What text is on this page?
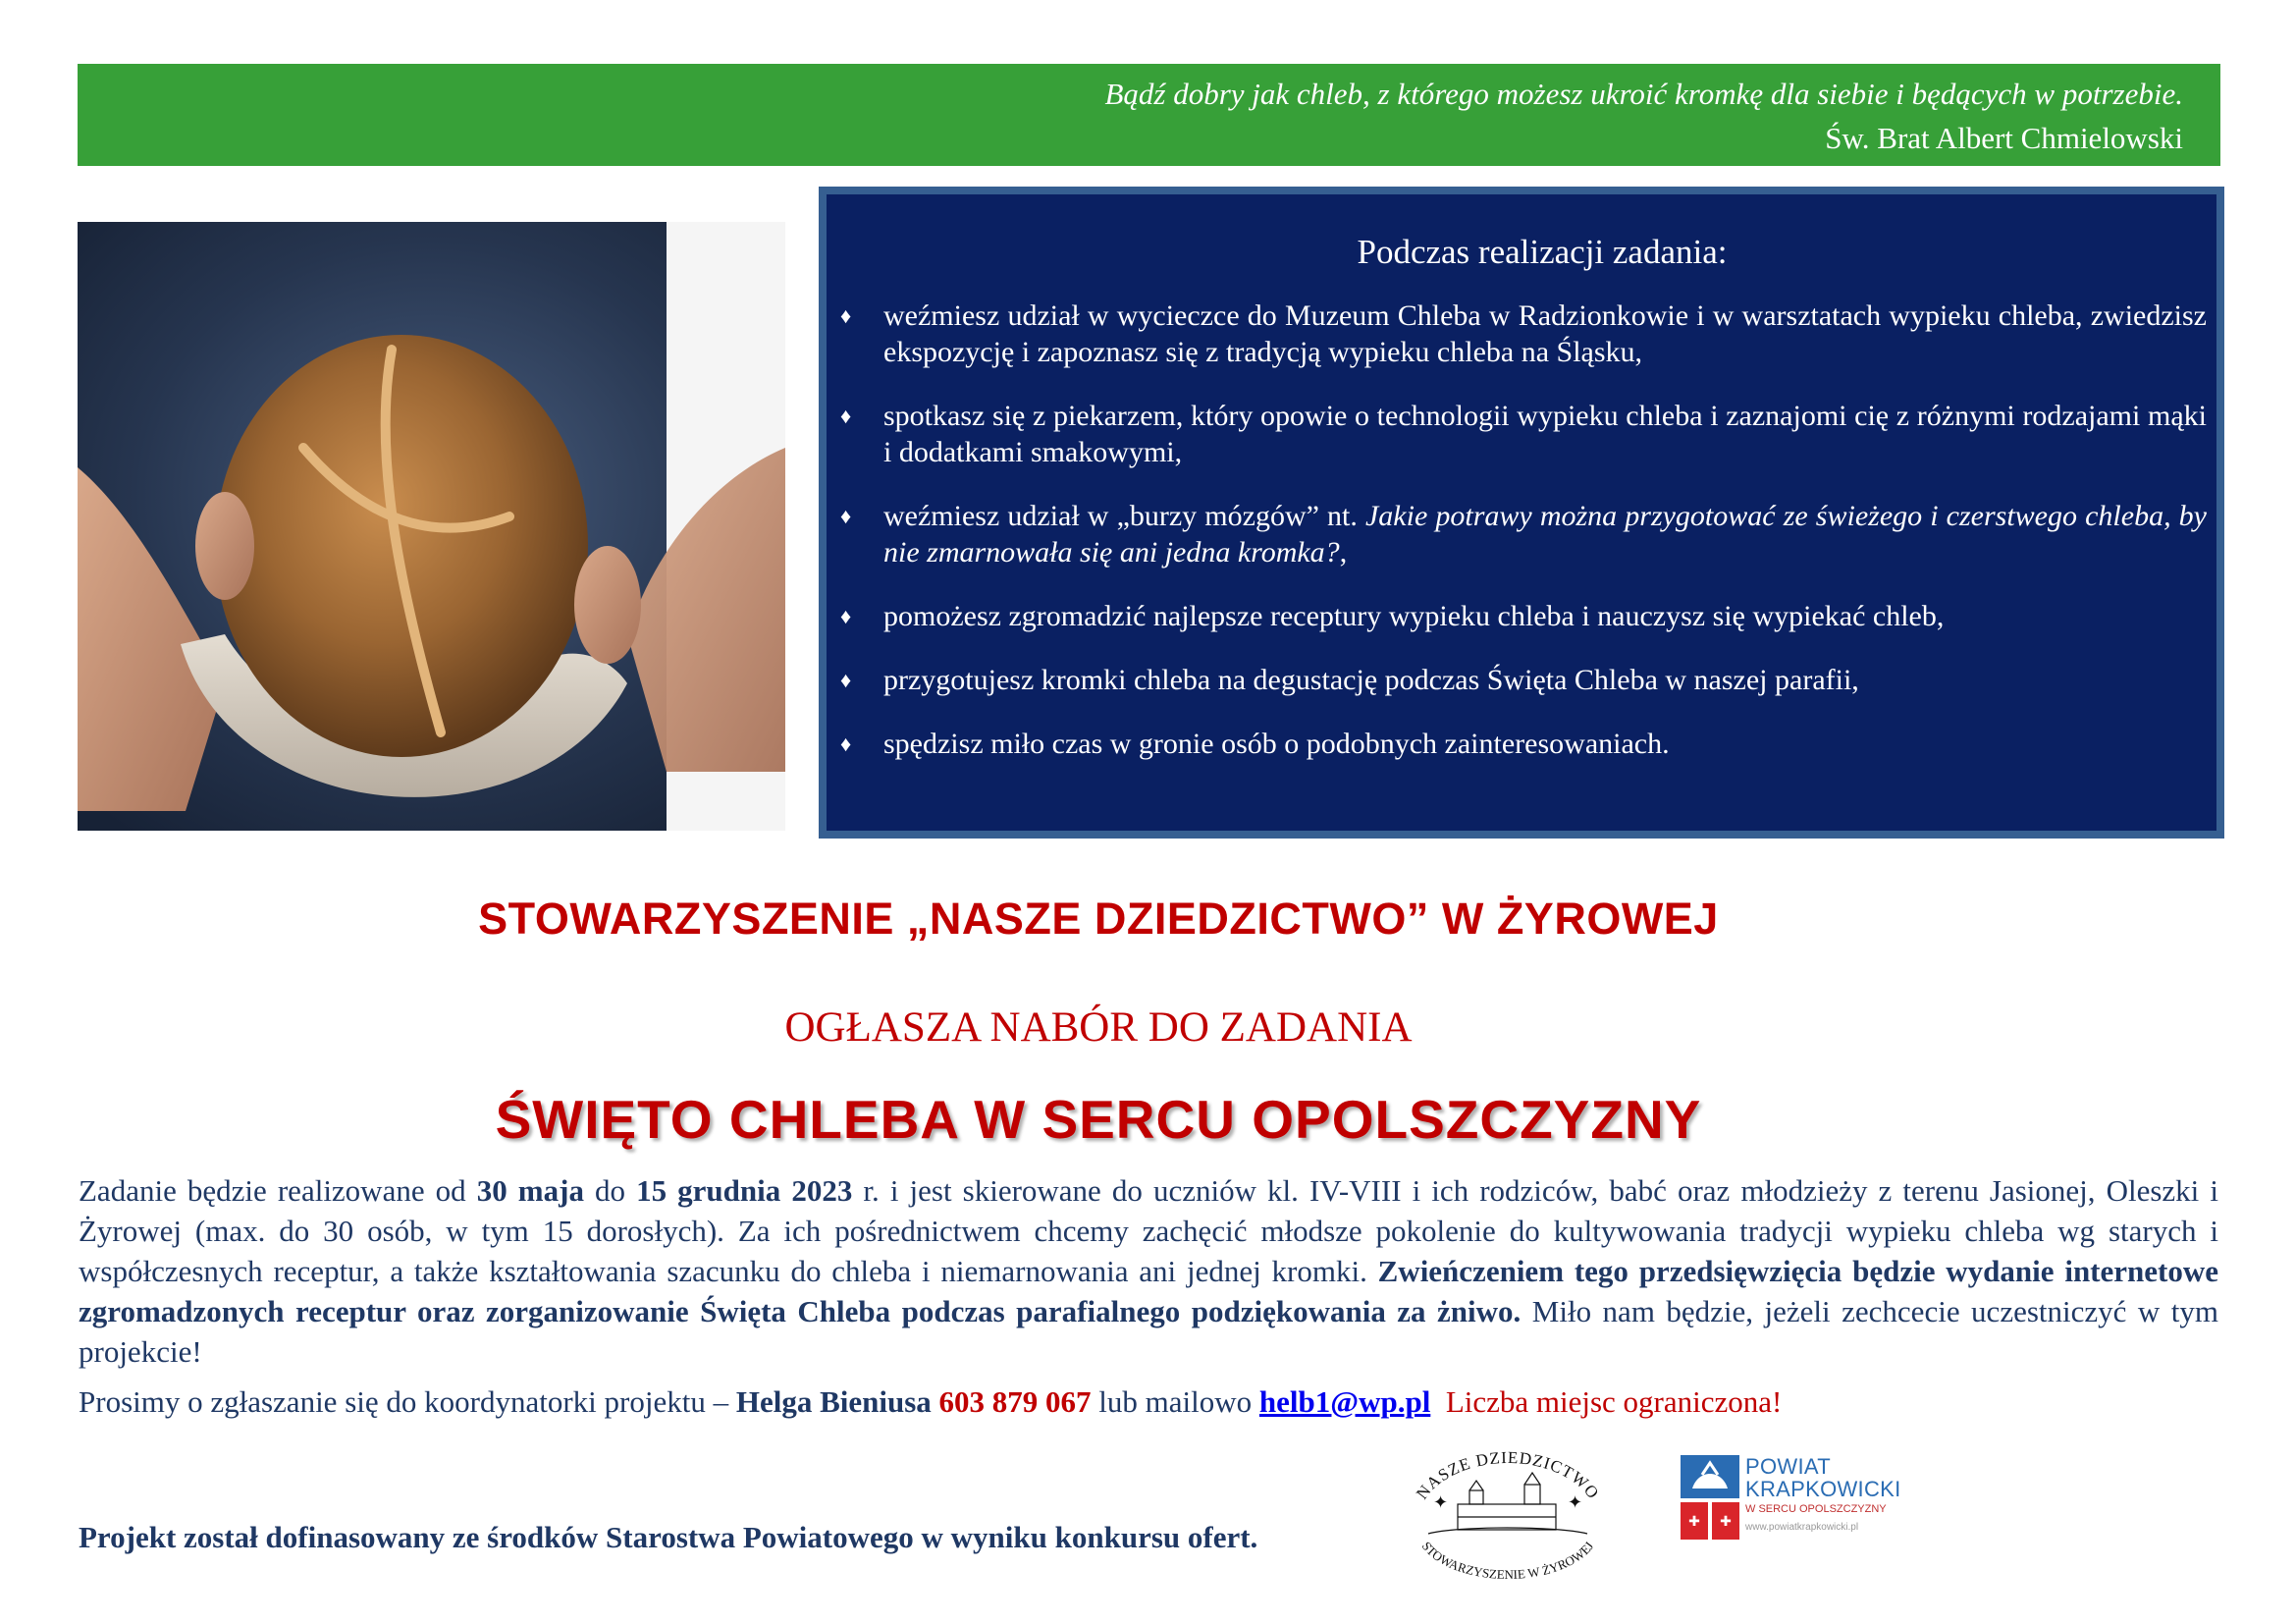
Bądź dobry jak chleb, z którego możesz ukroić kromkę dla siebie i będących w potrzebie.
Św. Brat Albert Chmielowski
Podczas realizacji zadania:
♦ weźmiesz udział w wycieczce do Muzeum Chleba w Radzionkowie i w warsztatach wypieku chleba, zwiedzisz ekspozycję i zapoznasz się z tradycją wypieku chleba na Śląsku,
♦ spotkasz się z piekarzem, który opowie o technologii wypieku chleba i zaznajomi cię z różnymi rodzajami mąki i dodatkami smakowymi,
♦ weźmiesz udział w „burzy mózgów” nt. Jakie potrawy można przygotować ze świeżego i czerstwego chleba, by nie zmarnowała się ani jedna kromka?,
♦ pomożesz zgromadzić najlepsze receptury wypieku chleba i nauczysz się wypiekać chleb,
♦ przygotujesz kromki chleba na degustację podczas Święta Chleba w naszej parafii,
♦ spędzisz miło czas w gronie osób o podobnych zainteresowaniach.
STOWARZYSZENIE „NASZE DZIEDZICTWO” W ŻYROWEJ
OGŁASZA NABÓR DO ZADANIA
ŚWIĘTO CHLEBA W SERCU OPOLSZCZYZNY
Zadanie będzie realizowane od 30 maja do 15 grudnia 2023 r. i jest skierowane do uczniów kl. IV-VIII i ich rodziców, babć oraz młodzieży z terenu Jasionej, Oleszki i Żyrowej (max. do 30 osób, w tym 15 dorosłych). Za ich pośrednictwem chcemy zachęcić młodsze pokolenie do kultywowania tradycji wypieku chleba wg starych i współczesnych receptur, a także kształtowania szacunku do chleba i niemarnowania ani jednej kromki. Zwieńczeniem tego przedsięwzięcia będzie wydanie internetowe zgromadzonych receptur oraz zorganizowanie Święta Chleba podczas parafialnego podziękowania za żniwo. Miło nam będzie, jeżeli zechcecie uczestniczyć w tym projekcie!
Prosimy o zgłaszanie się do koordynatorki projektu – Helga Bieniusa 603 879 067 lub mailowo helb1@wp.pl Liczba miejsc ograniczona!
Projekt został dofinasowany ze środków Starostwa Powiatowego w wyniku konkursu ofert.
NASZE DZIEDZICTWO
✦	✦
STOWARZYSZENIE W ŻYROWEJ
✚ ✚
POWIAT
KRAPKOWICKI
W SERCU OPOLSZCZYZNY
www.powiatkrapkowicki.pl
